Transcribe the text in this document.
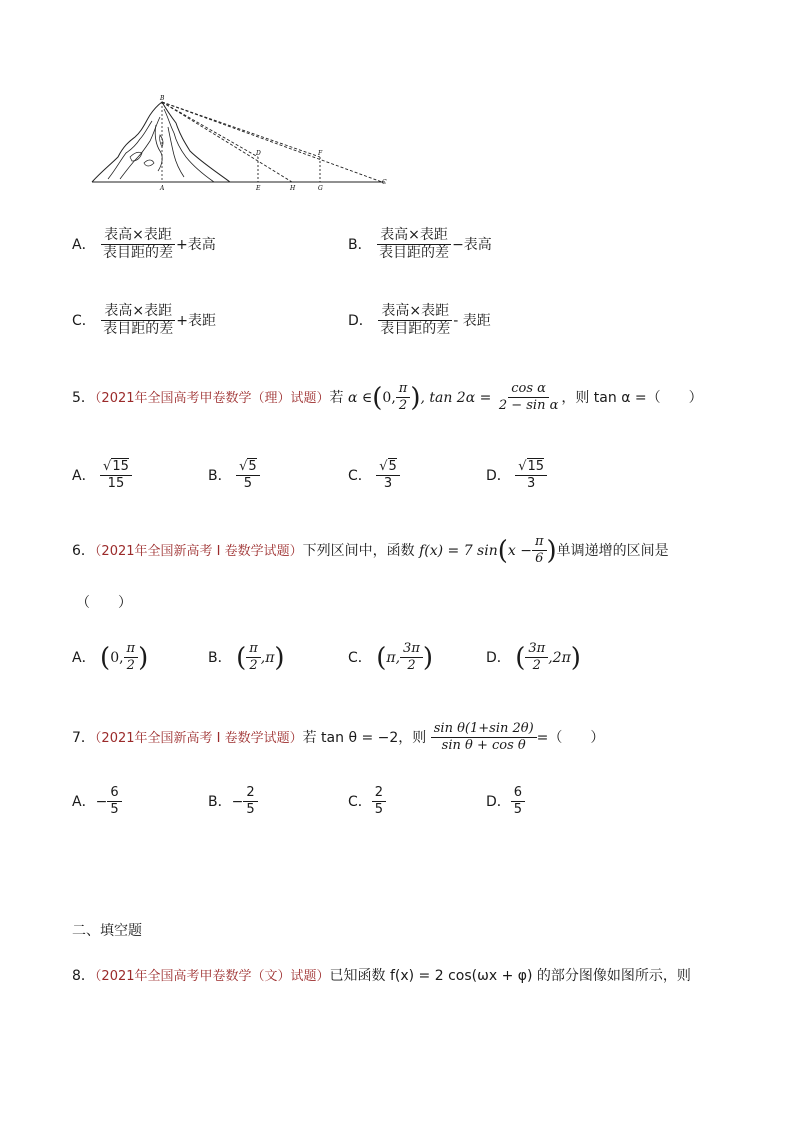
B
D	F
A	E	H	G
C
A． $\frac{\text{表高×表距}}{\text{表目距的差}}$ +表高	B． $\frac{\text{表高×表距}}{\text{表目距的差}}$ −表高
C． $\frac{\text{表高×表距}}{\text{表目距的差}}$ +表距	D． $\frac{\text{表高×表距}}{\text{表目距的差}}$ - 表距
5．（2021年全国高考甲卷数学（理）试题）若 α ∈(0, $\frac{\pi}{2}$ ), $\tan 2\alpha = \frac{\text{cos α}}{\text{2 − sin α}}$ ，则 tan α =（　　）
A． $\frac{√15}{15}$	B． $\frac{√5}{5}$	C． $\frac{√5}{3}$	D． $\frac{√15}{3}$
6．（2021年全国新高考 I 卷数学试题）下列区间中，函数 f(x) = 7 $\sin(x - \frac{\pi}{6}$ )单调递增的区间是
（　　）
A． (0, $\frac{\pi}{2}$ )	B． ( $\frac{\pi}{2} ,\pi$)	C． (π, $\frac{3\pi}{2}$ )	D． ( $\frac{3\pi}{2} ,2\pi$)
7．（2021年全国新高考 I 卷数学试题）若 tan θ = −2，则 $\frac{\text{sin θ(1+sin 2θ)}}{\text{sin θ + cos θ}}$ =（　　）
A．− $\frac{6}{5}$	B．− $\frac{2}{5}$	C． $\frac{2}{5}$	D． $\frac{6}{5}$
二、填空题
8．（2021年全国高考甲卷数学（文）试题）已知函数 f(x) = 2 cos(ωx + φ) 的部分图像如图所示，则
